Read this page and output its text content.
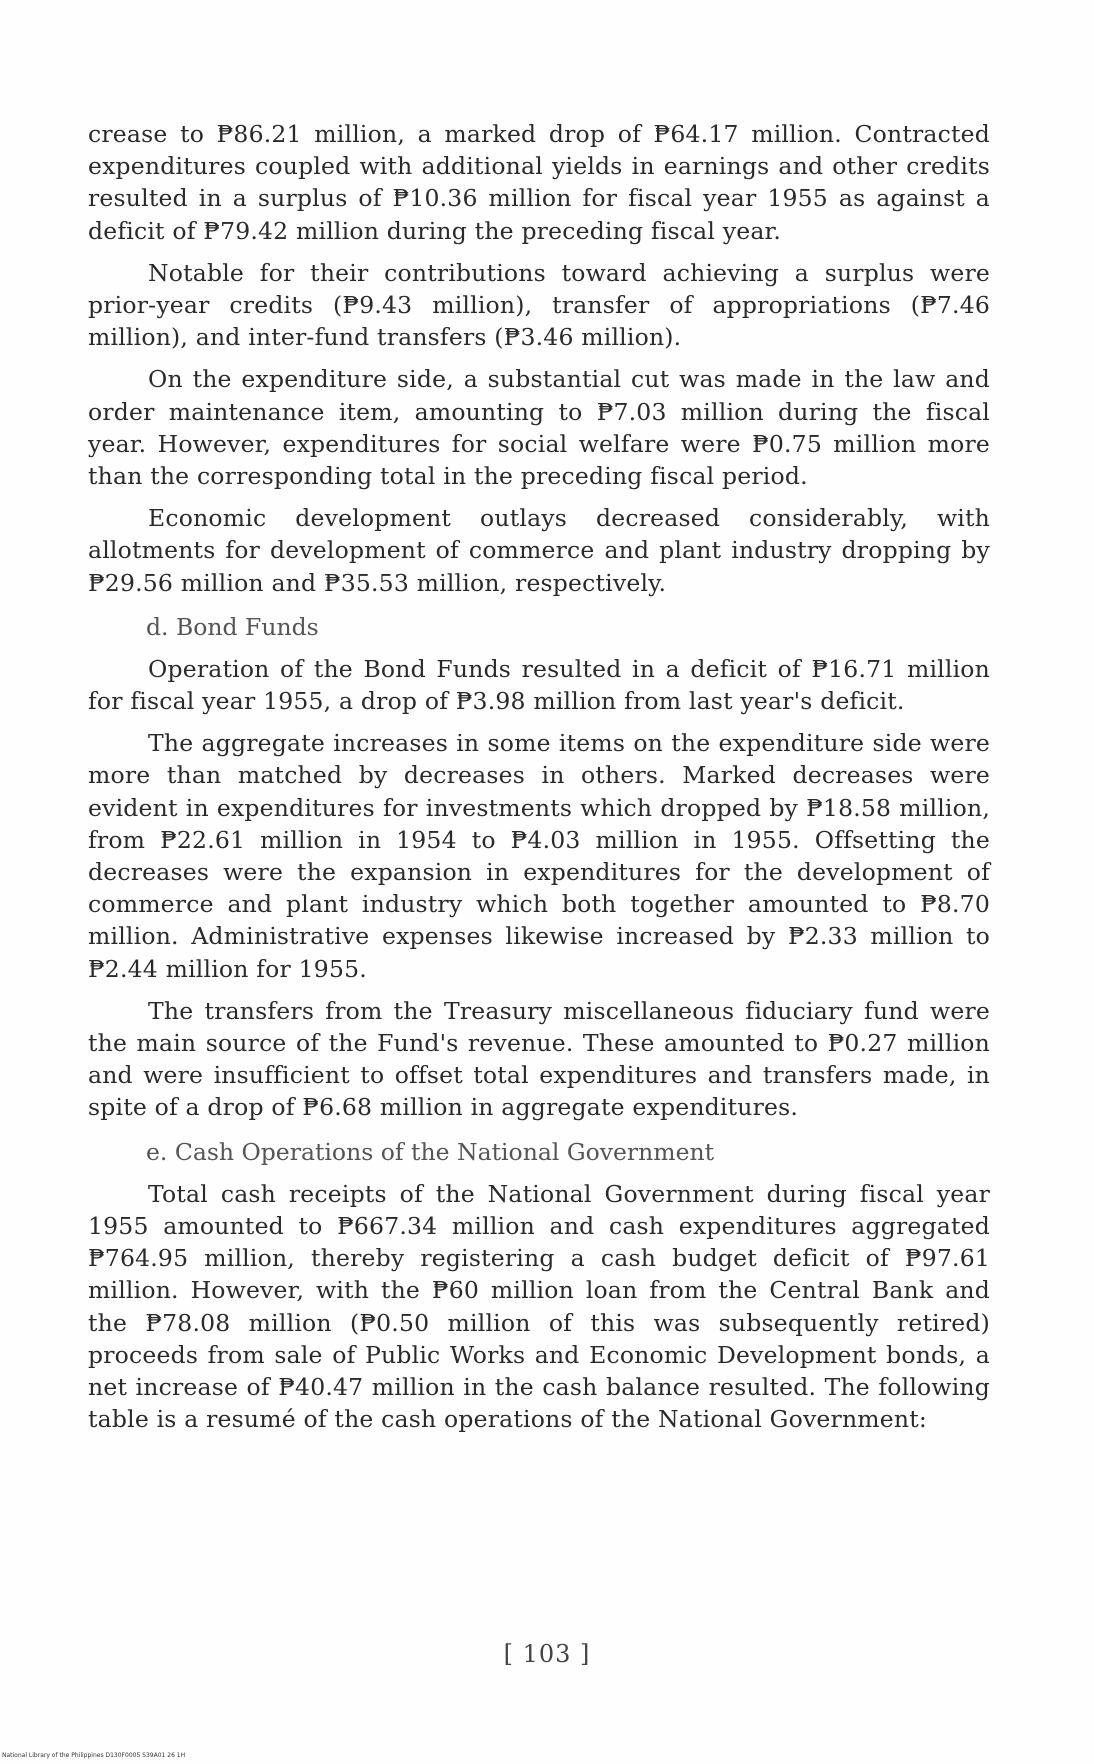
crease to ₱86.21 million, a marked drop of ₱64.17 million. Contracted expenditures coupled with additional yields in earnings and other credits resulted in a surplus of ₱10.36 million for fiscal year 1955 as against a deficit of ₱79.42 million during the preceding fiscal year.

Notable for their contributions toward achieving a surplus were prior-year credits (₱9.43 million), transfer of appropriations (₱7.46 million), and inter-fund transfers (₱3.46 million).

On the expenditure side, a substantial cut was made in the law and order maintenance item, amounting to ₱7.03 million during the fiscal year. However, expenditures for social welfare were ₱0.75 million more than the corresponding total in the preceding fiscal period.

Economic development outlays decreased considerably, with allotments for development of commerce and plant industry dropping by ₱29.56 million and ₱35.53 million, respectively.

d. Bond Funds

Operation of the Bond Funds resulted in a deficit of ₱16.71 million for fiscal year 1955, a drop of ₱3.98 million from last year's deficit.

The aggregate increases in some items on the expenditure side were more than matched by decreases in others. Marked decreases were evident in expenditures for investments which dropped by ₱18.58 million, from ₱22.61 million in 1954 to ₱4.03 million in 1955. Offsetting the decreases were the expansion in expenditures for the development of commerce and plant industry which both together amounted to ₱8.70 million. Administrative expenses likewise increased by ₱2.33 million to ₱2.44 million for 1955.

The transfers from the Treasury miscellaneous fiduciary fund were the main source of the Fund's revenue. These amounted to ₱0.27 million and were insufficient to offset total expenditures and transfers made, in spite of a drop of ₱6.68 million in aggregate expenditures.

e. Cash Operations of the National Government

Total cash receipts of the National Government during fiscal year 1955 amounted to ₱667.34 million and cash expenditures aggregated ₱764.95 million, thereby registering a cash budget deficit of ₱97.61 million. However, with the ₱60 million loan from the Central Bank and the ₱78.08 million (₱0.50 million of this was subsequently retired) proceeds from sale of Public Works and Economic Development bonds, a net increase of ₱40.47 million in the cash balance resulted. The following table is a resumé of the cash operations of the National Government:

[ 103 ]
National Library of the Philippines D130F0005 S39A01 26 1H
